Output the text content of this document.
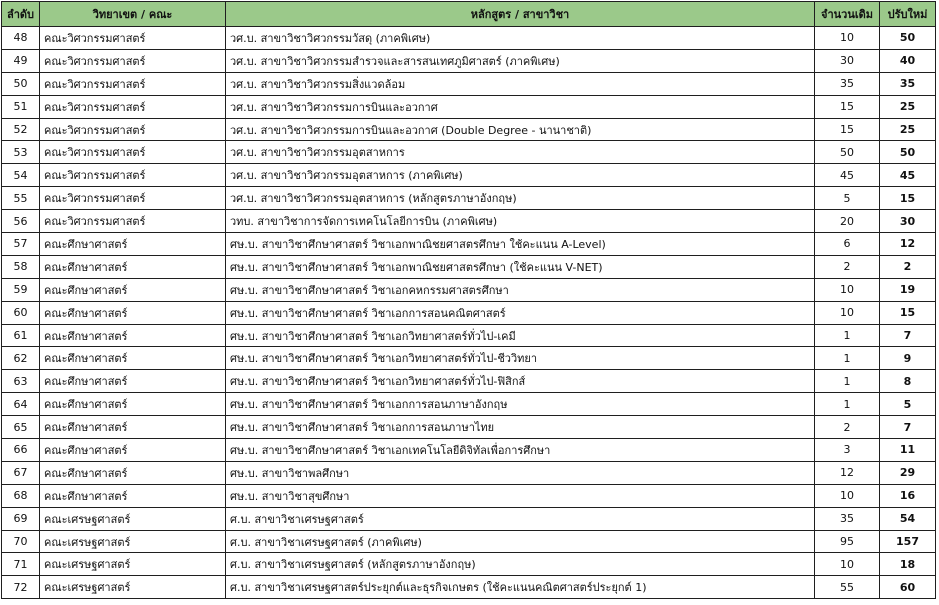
ลำดับ	วิทยาเขต / คณะ	หลักสูตร / สาขาวิชา	จำนวนเดิม	ปรับใหม่
48	คณะวิศวกรรมศาสตร์	วศ.บ. สาขาวิชาวิศวกรรมวัสดุ (ภาคพิเศษ)	10	50
49	คณะวิศวกรรมศาสตร์	วศ.บ. สาขาวิชาวิศวกรรมสำรวจและสารสนเทศภูมิศาสตร์ (ภาคพิเศษ)	30	40
50	คณะวิศวกรรมศาสตร์	วศ.บ. สาขาวิชาวิศวกรรมสิ่งแวดล้อม	35	35
51	คณะวิศวกรรมศาสตร์	วศ.บ. สาขาวิชาวิศวกรรมการบินและอวกาศ	15	25
52	คณะวิศวกรรมศาสตร์	วศ.บ. สาขาวิชาวิศวกรรมการบินและอวกาศ (Double Degree - นานาชาติ)	15	25
53	คณะวิศวกรรมศาสตร์	วศ.บ. สาขาวิชาวิศวกรรมอุตสาหการ	50	50
54	คณะวิศวกรรมศาสตร์	วศ.บ. สาขาวิชาวิศวกรรมอุตสาหการ (ภาคพิเศษ)	45	45
55	คณะวิศวกรรมศาสตร์	วศ.บ. สาขาวิชาวิศวกรรมอุตสาหการ (หลักสูตรภาษาอังกฤษ)	5	15
56	คณะวิศวกรรมศาสตร์	วทบ. สาขาวิชาการจัดการเทคโนโลยีการบิน (ภาคพิเศษ)	20	30
57	คณะศึกษาศาสตร์	ศษ.บ. สาขาวิชาศึกษาศาสตร์ วิชาเอกพาณิชยศาสตรศึกษา ใช้คะแนน A-Level)	6	12
58	คณะศึกษาศาสตร์	ศษ.บ. สาขาวิชาศึกษาศาสตร์ วิชาเอกพาณิชยศาสตรศึกษา (ใช้คะแนน V-NET)	2	2
59	คณะศึกษาศาสตร์	ศษ.บ. สาขาวิชาศึกษาศาสตร์ วิชาเอกคหกรรมศาสตรศึกษา	10	19
60	คณะศึกษาศาสตร์	ศษ.บ. สาขาวิชาศึกษาศาสตร์ วิชาเอกการสอนคณิตศาสตร์	10	15
61	คณะศึกษาศาสตร์	ศษ.บ. สาขาวิชาศึกษาศาสตร์ วิชาเอกวิทยาศาสตร์ทั่วไป-เคมี	1	7
62	คณะศึกษาศาสตร์	ศษ.บ. สาขาวิชาศึกษาศาสตร์ วิชาเอกวิทยาศาสตร์ทั่วไป-ชีววิทยา	1	9
63	คณะศึกษาศาสตร์	ศษ.บ. สาขาวิชาศึกษาศาสตร์ วิชาเอกวิทยาศาสตร์ทั่วไป-ฟิสิกส์	1	8
64	คณะศึกษาศาสตร์	ศษ.บ. สาขาวิชาศึกษาศาสตร์ วิชาเอกการสอนภาษาอังกฤษ	1	5
65	คณะศึกษาศาสตร์	ศษ.บ. สาขาวิชาศึกษาศาสตร์ วิชาเอกการสอนภาษาไทย	2	7
66	คณะศึกษาศาสตร์	ศษ.บ. สาขาวิชาศึกษาศาสตร์ วิชาเอกเทคโนโลยีดิจิทัลเพื่อการศึกษา	3	11
67	คณะศึกษาศาสตร์	ศษ.บ. สาขาวิชาพลศึกษา	12	29
68	คณะศึกษาศาสตร์	ศษ.บ. สาขาวิชาสุขศึกษา	10	16
69	คณะเศรษฐศาสตร์	ศ.บ. สาขาวิชาเศรษฐศาสตร์	35	54
70	คณะเศรษฐศาสตร์	ศ.บ. สาขาวิชาเศรษฐศาสตร์ (ภาคพิเศษ)	95	157
71	คณะเศรษฐศาสตร์	ศ.บ. สาขาวิชาเศรษฐศาสตร์ (หลักสูตรภาษาอังกฤษ)	10	18
72	คณะเศรษฐศาสตร์	ศ.บ. สาขาวิชาเศรษฐศาสตร์ประยุกต์และธุรกิจเกษตร (ใช้คะแนนคณิตศาสตร์ประยุกต์ 1)	55	60
